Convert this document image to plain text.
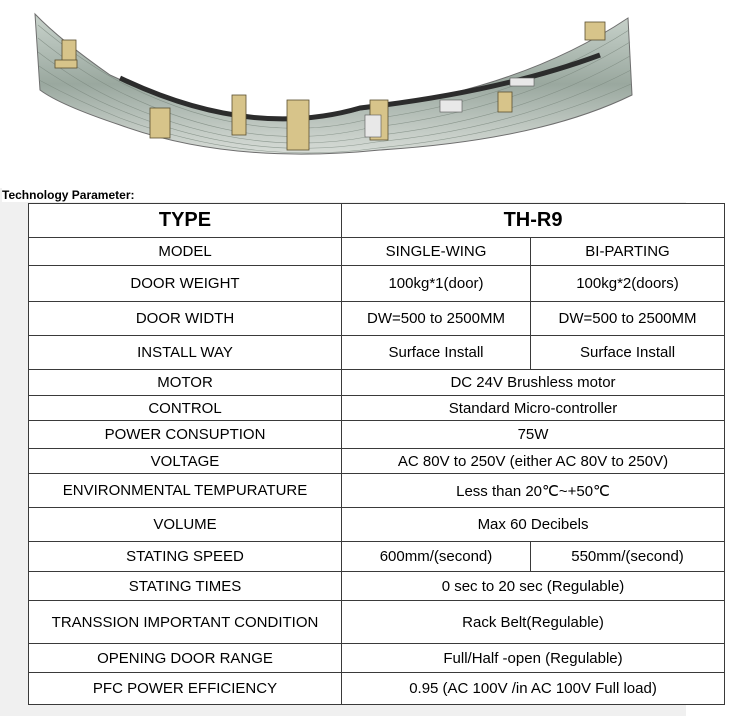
Technology Parameter:
TYPE	TH-R9	
MODEL	SINGLE-WING	BI-PARTING
DOOR WEIGHT	100kg*1(door)	100kg*2(doors)
DOOR WIDTH	DW=500 to 2500MM	DW=500 to 2500MM
INSTALL WAY	Surface Install	Surface Install
MOTOR	DC 24V Brushless motor	
CONTROL	Standard Micro-controller	
POWER CONSUPTION	75W	
VOLTAGE	AC 80V to 250V (either AC 80V to 250V)	
ENVIRONMENTAL TEMPURATURE	Less than 20℃~+50℃	
VOLUME	Max 60 Decibels	
STATING SPEED	600mm/(second)	550mm/(second)
STATING TIMES	0 sec to 20 sec (Regulable)	
TRANSSION IMPORTANT CONDITION	Rack Belt(Regulable)	
OPENING DOOR RANGE	Full/Half -open (Regulable)	
PFC POWER EFFICIENCY	0.95 (AC 100V /in AC 100V Full load)	
